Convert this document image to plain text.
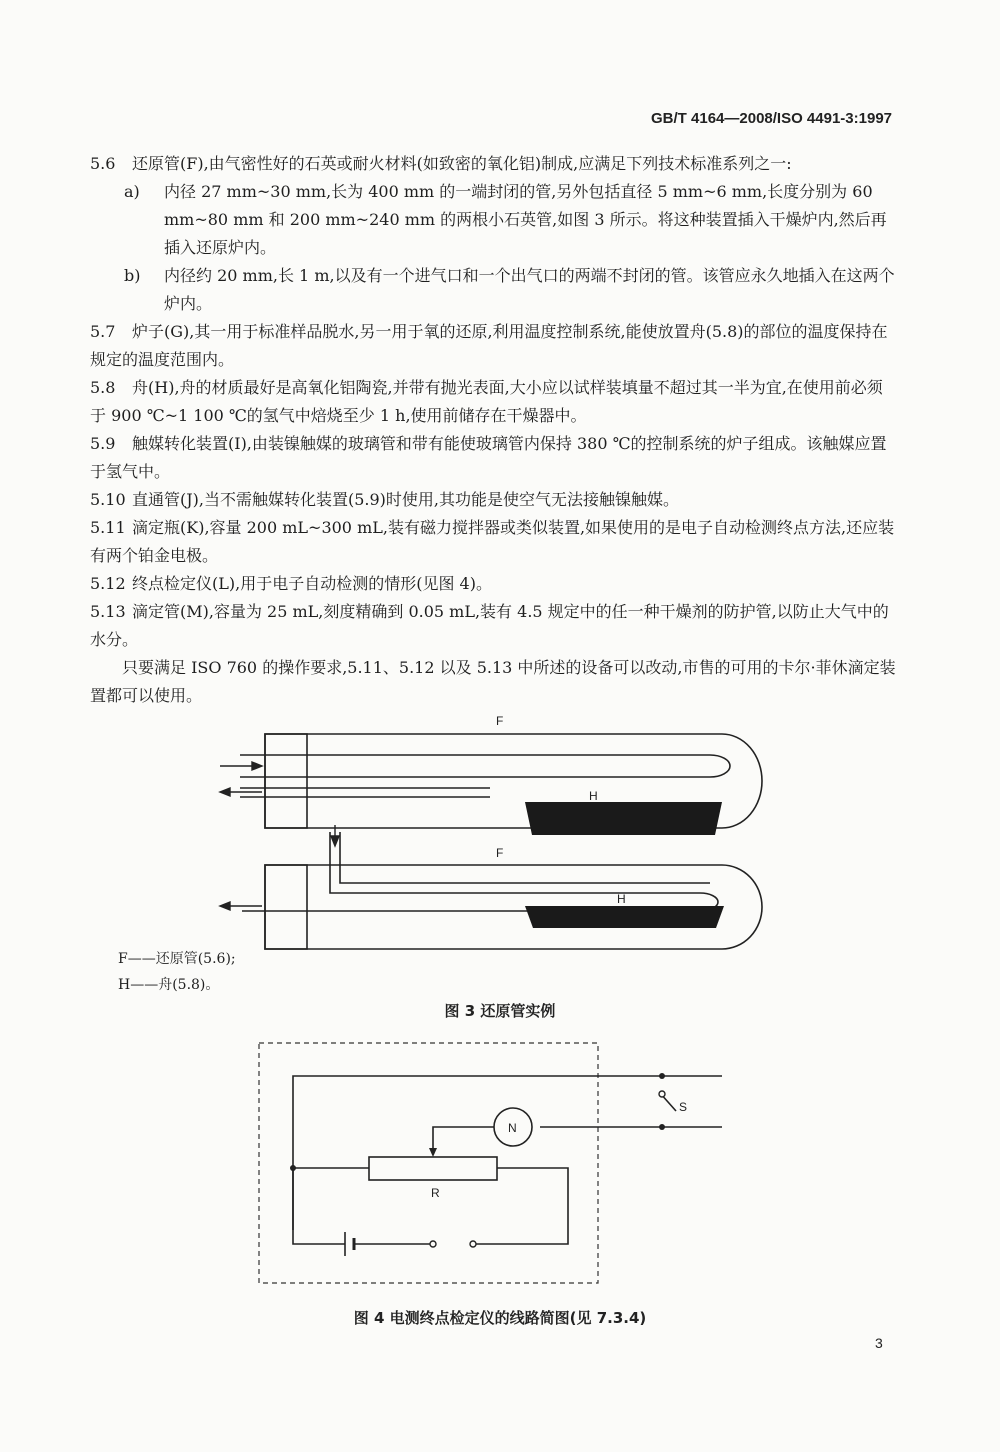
GB/T 4164—2008/ISO 4491-3:1997

5.6 还原管(F),由气密性好的石英或耐火材料(如致密的氧化铝)制成,应满足下列技术标准系列之一:

a) 内径 27 mm~30 mm,长为 400 mm 的一端封闭的管,另外包括直径 5 mm~6 mm,长度分别为 60 mm~80 mm 和 200 mm~240 mm 的两根小石英管,如图 3 所示。将这种装置插入干燥炉内,然后再插入还原炉内。

b) 内径约 20 mm,长 1 m,以及有一个进气口和一个出气口的两端不封闭的管。该管应永久地插入在这两个炉内。

5.7 炉子(G),其一用于标准样品脱水,另一用于氧的还原,利用温度控制系统,能使放置舟(5.8)的部位的温度保持在规定的温度范围内。

5.8 舟(H),舟的材质最好是高氧化铝陶瓷,并带有抛光表面,大小应以试样装填量不超过其一半为宜,在使用前必须于 900 ℃~1 100 ℃的氢气中焙烧至少 1 h,使用前储存在干燥器中。

5.9 触媒转化装置(I),由装镍触媒的玻璃管和带有能使玻璃管内保持 380 ℃的控制系统的炉子组成。该触媒应置于氢气中。

5.10 直通管(J),当不需触媒转化装置(5.9)时使用,其功能是使空气无法接触镍触媒。

5.11 滴定瓶(K),容量 200 mL~300 mL,装有磁力搅拌器或类似装置,如果使用的是电子自动检测终点方法,还应装有两个铂金电极。

5.12 终点检定仪(L),用于电子自动检测的情形(见图 4)。

5.13 滴定管(M),容量为 25 mL,刻度精确到 0.05 mL,装有 4.5 规定中的任一种干燥剂的防护管,以防止大气中的水分。

只要满足 ISO 760 的操作要求,5.11、5.12 以及 5.13 中所述的设备可以改动,市售的可用的卡尔·菲休滴定装置都可以使用。

F
H
F
H
F——还原管(5.6);
H——舟(5.8)。
图 3 还原管实例
N
S
R
图 4 电测终点检定仪的线路简图(见 7.3.4)
3
